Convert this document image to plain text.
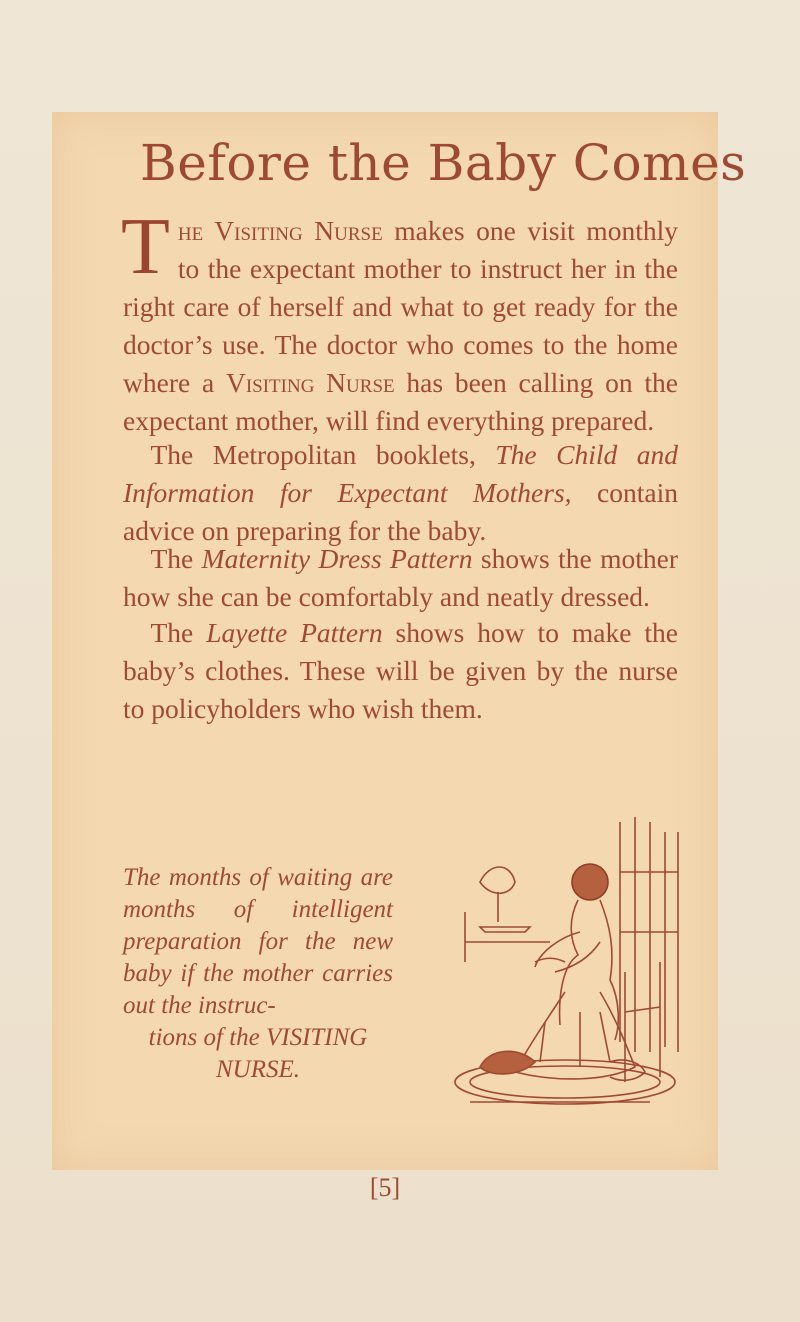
Before the Baby Comes
The Visiting Nurse makes one visit monthly to the expectant mother to instruct her in the right care of herself and what to get ready for the doctor’s use. The doctor who comes to the home where a Visiting Nurse has been calling on the expectant mother, will find everything prepared.
 The Metropolitan booklets, The Child and Information for Expectant Mothers, contain advice on preparing for the baby.
 The Maternity Dress Pattern shows the mother how she can be comfortably and neatly dressed.
 The Layette Pattern shows how to make the baby’s clothes. These will be given by the nurse to policyholders who wish them.
The months of waiting are months of intelligent preparation for the new baby if the mother carries out the instruc-
tions of the VISITING NURSE.
[5]
